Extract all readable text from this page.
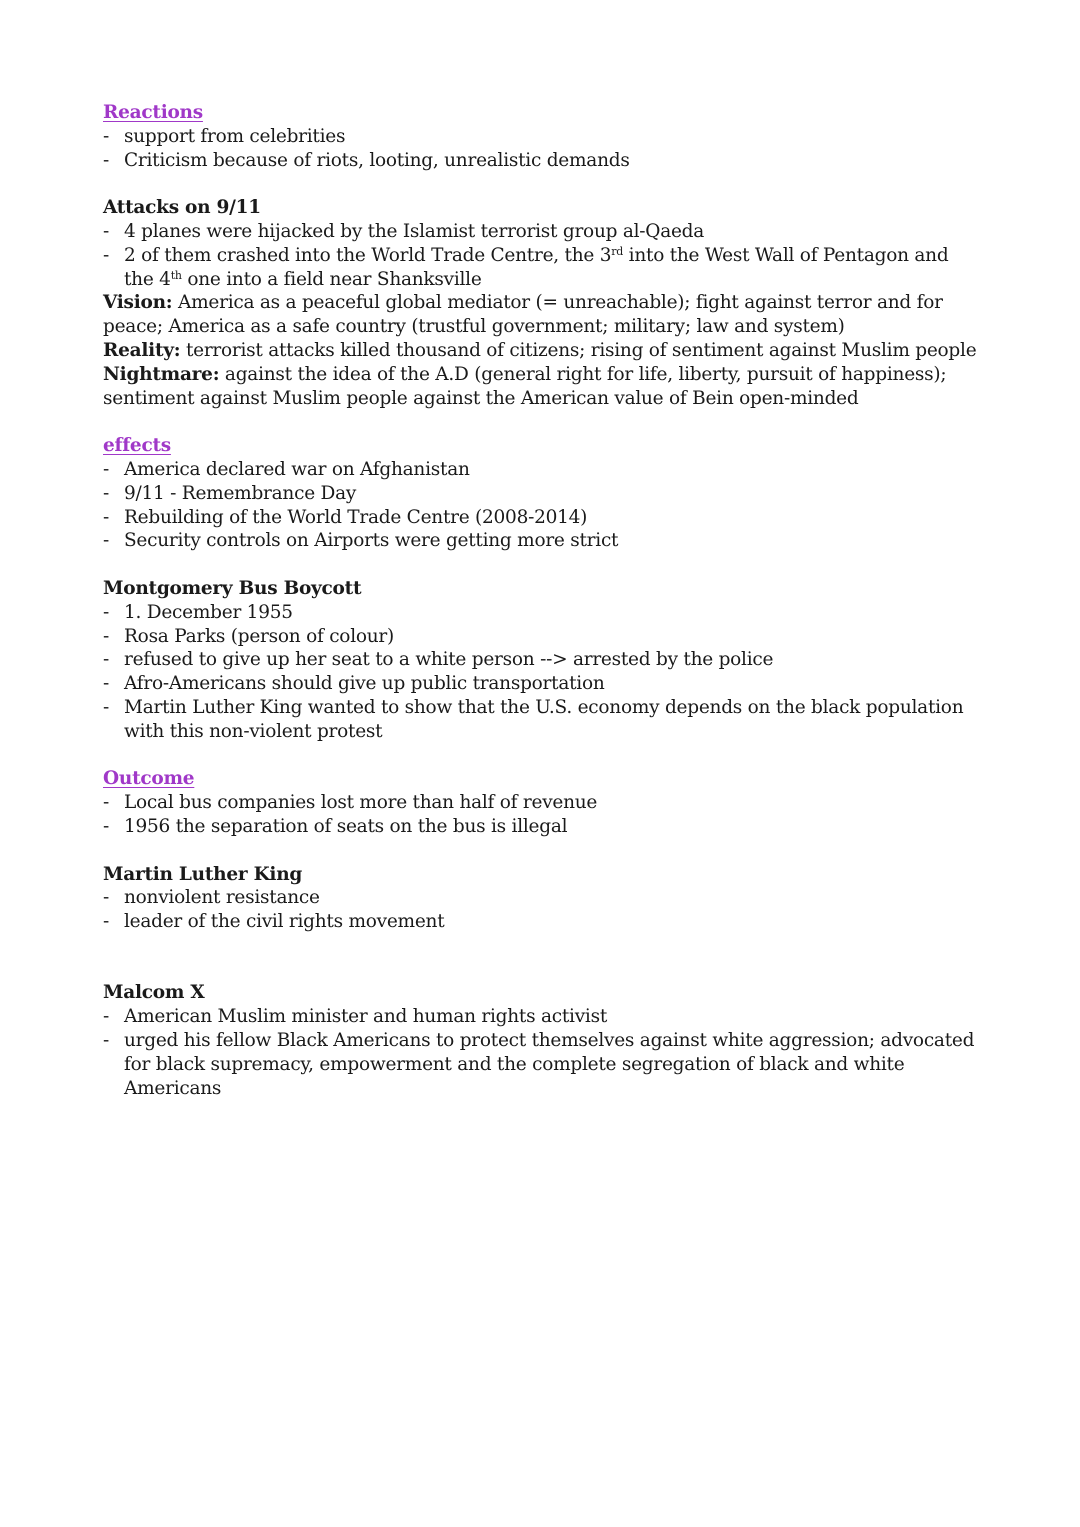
Reactions
- support from celebrities
- Criticism because of riots, looting, unrealistic demands
Attacks on 9/11
- 4 planes were hijacked by the Islamist terrorist group al-Qaeda
- 2 of them crashed into the World Trade Centre, the 3rd into the West Wall of Pentagon and the 4th one into a field near Shanksville
Vision: America as a peaceful global mediator (= unreachable); fight against terror and for peace; America as a safe country (trustful government; military; law and system)
Reality: terrorist attacks killed thousand of citizens; rising of sentiment against Muslim people
Nightmare: against the idea of the A.D (general right for life, liberty, pursuit of happiness); sentiment against Muslim people against the American value of Bein open-minded
effects
- America declared war on Afghanistan
- 9/11 - Remembrance Day
- Rebuilding of the World Trade Centre (2008-2014)
- Security controls on Airports were getting more strict
Montgomery Bus Boycott
- 1. December 1955
- Rosa Parks (person of colour)
- refused to give up her seat to a white person --> arrested by the police
- Afro-Americans should give up public transportation
- Martin Luther King wanted to show that the U.S. economy depends on the black population with this non-violent protest
Outcome
- Local bus companies lost more than half of revenue
- 1956 the separation of seats on the bus is illegal
Martin Luther King
- nonviolent resistance
- leader of the civil rights movement
Malcom X
- American Muslim minister and human rights activist
- urged his fellow Black Americans to protect themselves against white aggression; advocated for black supremacy, empowerment and the complete segregation of black and white Americans
